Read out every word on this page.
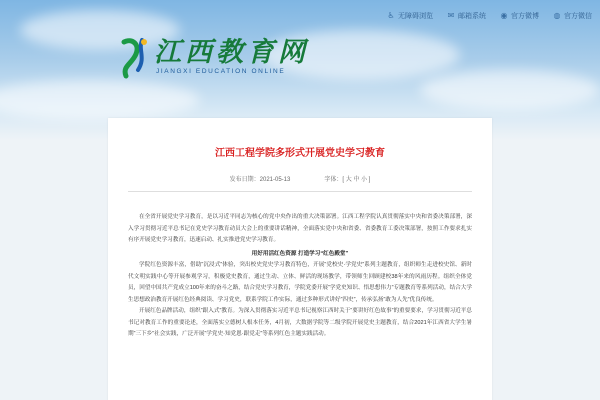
♿ 无障碍浏览 ✉ 邮箱系统 ◉ 官方微博 ◍ 官方微信
江西教育网
JIANGXI EDUCATION ONLINE
江西工程学院多形式开展党史学习教育
发布日期：2021-05-13	字体：[ 大 中 小 ]

在全省开展党史学习教育，是以习近平同志为核心的党中央作出的重大决策部署。江西工程学院认真贯彻落实中央和省委决策部署，深入学习贯彻习近平总书记在党史学习教育动员大会上的重要讲话精神，全面落实党中央和省委、省委教育工委决策部署，按照工作要求扎实有序开展党史学习教育，迅速启动、扎实推进党史学习教育。

用好用活红色资源 打造学习“红色殿堂”

学院红色资源丰富，借助“沉浸式”体验，突出校史党史学习教育特色，开展“党校史·学党史”系列主题教育，组织师生走进校史馆、新时代文明实践中心等开展参观学习，积极党史教育，通过生动、立体、鲜活的现场教学，带领师生回顾建校38年来的风雨历程。组织全体党员，回望中国共产党成立100年来的奋斗之路，结合党史学习教育，学院党委开展“学党史知识、悟思想伟力”专题教育等系列活动，结合大学生思想政治教育开展红色经典阅读、学习党史，联系学院工作实际，通过多种形式讲好“四史”，传承弘扬“敢为人先”优良传统。

开展红色品牌活动，组织“跟入式”教育。为深入贯彻落实习近平总书记视察江西时关于“要讲好红色故事”的重要要求，学习贯彻习近平总书记对教育工作的重要论述，全面落实立德树人根本任务，4月初，大数据学院等二级学院开展党史主题教育，结合2021年江西省大学生暑期“三下乡”社会实践，广泛开展“学党史·知党恩·跟党走”等系列红色主题实践活动。
